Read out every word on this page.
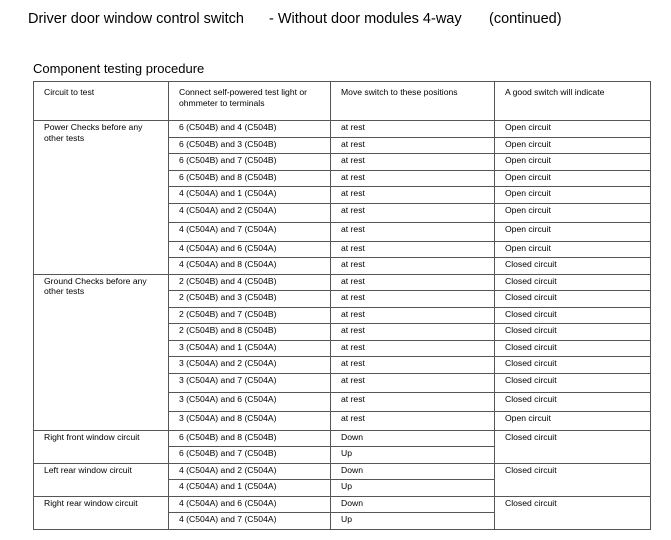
Driver door window control switch - Without door modules 4-way (continued)
Component testing procedure
Circuit to test	Connect self-powered test light or ohmmeter to terminals	Move switch to these positions	A good switch will indicate
Power Checks before any other tests	6 (C504B) and 4 (C504B)	at rest	Open circuit
	6 (C504B) and 3 (C504B)	at rest	Open circuit
	6 (C504B) and 7 (C504B)	at rest	Open circuit
	6 (C504B) and 8 (C504B)	at rest	Open circuit
	4 (C504A) and 1 (C504A)	at rest	Open circuit
	4 (C504A) and 2 (C504A)	at rest	Open circuit
	4 (C504A) and 7 (C504A)	at rest	Open circuit
	4 (C504A) and 6 (C504A)	at rest	Open circuit
	4 (C504A) and 8 (C504A)	at rest	Closed circuit
Ground Checks before any other tests	2 (C504B) and 4 (C504B)	at rest	Closed circuit
	2 (C504B) and 3 (C504B)	at rest	Closed circuit
	2 (C504B) and 7 (C504B)	at rest	Closed circuit
	2 (C504B) and 8 (C504B)	at rest	Closed circuit
	3 (C504A) and 1 (C504A)	at rest	Closed circuit
	3 (C504A) and 2 (C504A)	at rest	Closed circuit
	3 (C504A) and 7 (C504A)	at rest	Closed circuit
	3 (C504A) and 6 (C504A)	at rest	Closed circuit
	3 (C504A) and 8 (C504A)	at rest	Open circuit
Right front window circuit	6 (C504B) and 8 (C504B)	Down	Closed circuit
	6 (C504B) and 7 (C504B)	Up	
Left rear window circuit	4 (C504A) and 2 (C504A)	Down	Closed circuit
	4 (C504A) and 1 (C504A)	Up	
Right rear window circuit	4 (C504A) and 6 (C504A)	Down	Closed circuit
	4 (C504A) and 7 (C504A)	Up	
